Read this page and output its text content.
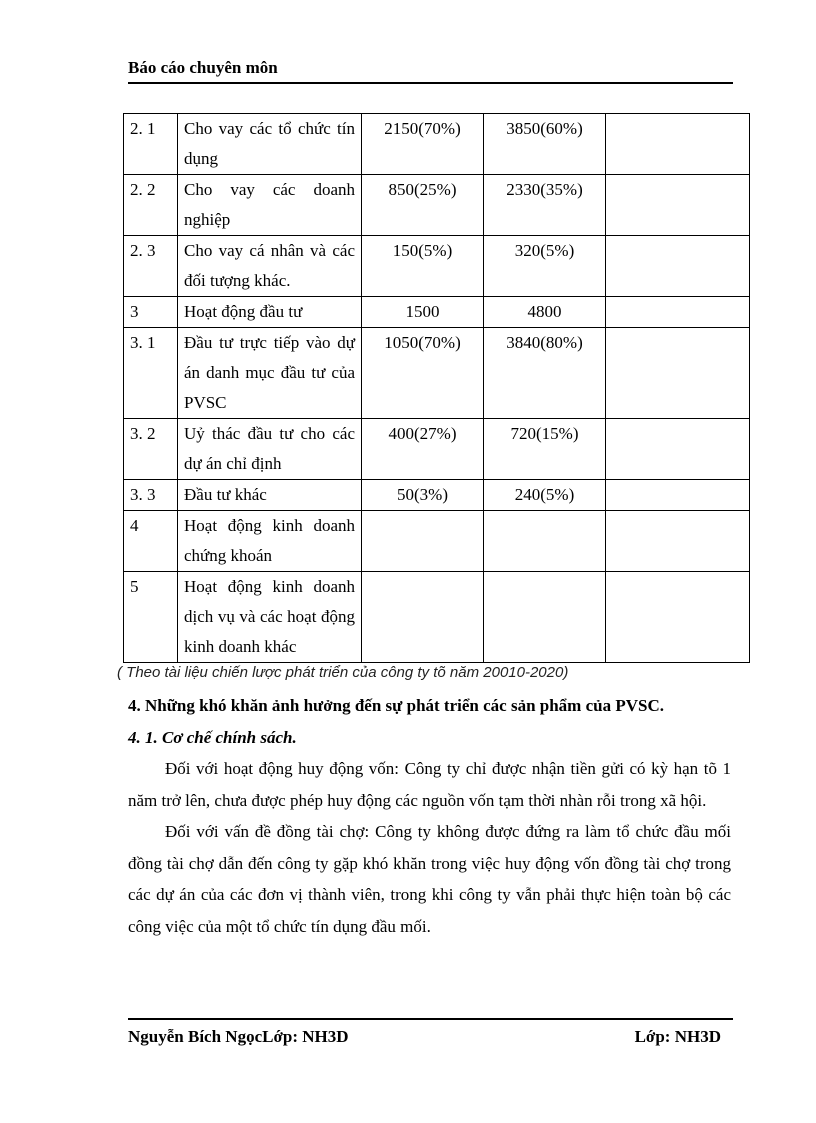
Báo cáo chuyên môn
2. 1	Cho vay các tổ chức tín dụng	2150(70%)	3850(60%)	
2. 2	Cho vay các doanh nghiệp	850(25%)	2330(35%)	
2. 3	Cho vay cá nhân và các đối tượng khác.	150(5%)	320(5%)	
3	Hoạt động đầu tư	1500	4800	
3. 1	Đầu tư trực tiếp vào dự án danh mục đầu tư của PVSC	1050(70%)	3840(80%)	
3. 2	Uỷ thác đầu tư cho các dự án chỉ định	400(27%)	720(15%)	
3. 3	Đầu tư khác	50(3%)	240(5%)	
4	Hoạt động kinh doanh chứng khoán			
5	Hoạt động kinh doanh dịch vụ và các hoạt động kinh doanh khác			
( Theo tài liệu chiến lược phát triển của công ty tõ năm 20010-2020)

4. Những khó khăn ảnh hưởng đến sự phát triển các sản phẩm của PVSC.

4. 1. Cơ chế chính sách.

Đối với hoạt động huy động vốn: Công ty chỉ được nhận tiền gửi có kỳ hạn tõ 1 năm trở lên, chưa được phép huy động các nguồn vốn tạm thời nhàn rỗi trong xã hội.

Đối với vấn đề đồng tài chợ: Công ty không được đứng ra làm tổ chức đầu mối đồng tài chợ dẫn đến công ty gặp khó khăn trong việc huy động vốn đồng tài chợ trong các dự án của các đơn vị thành viên, trong khi công ty vẫn phải thực hiện toàn bộ các công việc của một tổ chức tín dụng đầu mối.

Nguyễn Bích NgọcLớp: NH3D	Lớp: NH3D
